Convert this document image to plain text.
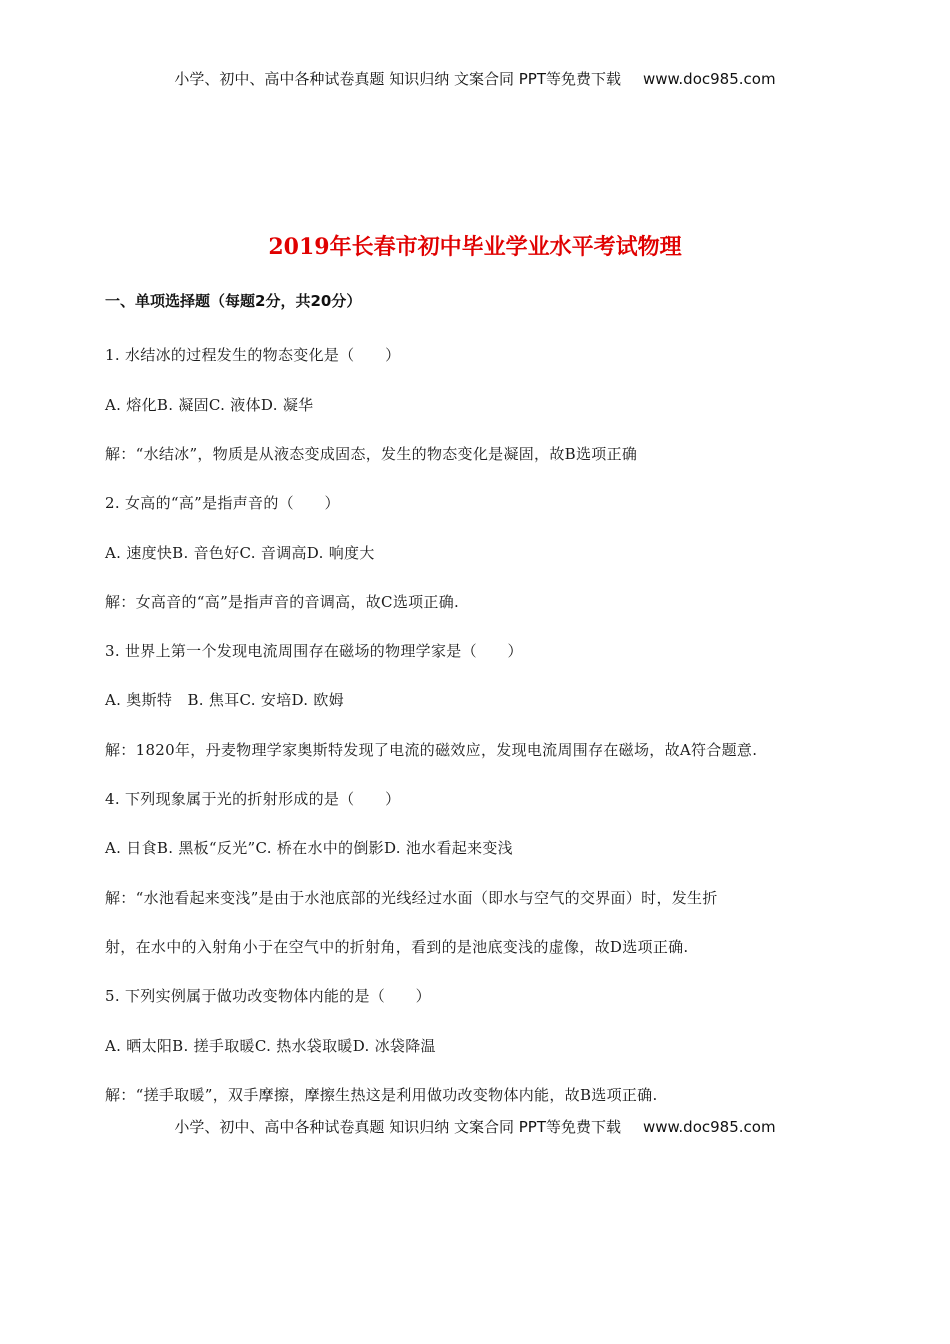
小学、初中、高中各种试卷真题 知识归纳 文案合同 PPT等免费下载 www.doc985.com
2019年长春市初中毕业学业水平考试物理
一、单项选择题（每题2分，共20分）
1. 水结冰的过程发生的物态变化是（　　）
A. 熔化B. 凝固C. 液体D. 凝华
解：“水结冰”，物质是从液态变成固态，发生的物态变化是凝固，故B选项正确
2. 女高的“高”是指声音的（　　）
A. 速度快B. 音色好C. 音调高D. 响度大
解：女高音的“高”是指声音的音调高，故C选项正确.
3. 世界上第一个发现电流周围存在磁场的物理学家是（　　）
A. 奥斯特　B. 焦耳C. 安培D. 欧姆
解：1820年，丹麦物理学家奥斯特发现了电流的磁效应，发现电流周围存在磁场，故A符合题意.
4. 下列现象属于光的折射形成的是（　　）
A. 日食B. 黑板“反光”C. 桥在水中的倒影D. 池水看起来变浅
解：“水池看起来变浅”是由于水池底部的光线经过水面（即水与空气的交界面）时，发生折
射，在水中的入射角小于在空气中的折射角，看到的是池底变浅的虚像，故D选项正确.
5. 下列实例属于做功改变物体内能的是（　　）
A. 晒太阳B. 搓手取暖C. 热水袋取暖D. 冰袋降温
解：“搓手取暖”，双手摩擦，摩擦生热这是利用做功改变物体内能，故B选项正确.
小学、初中、高中各种试卷真题 知识归纳 文案合同 PPT等免费下载 www.doc985.com
